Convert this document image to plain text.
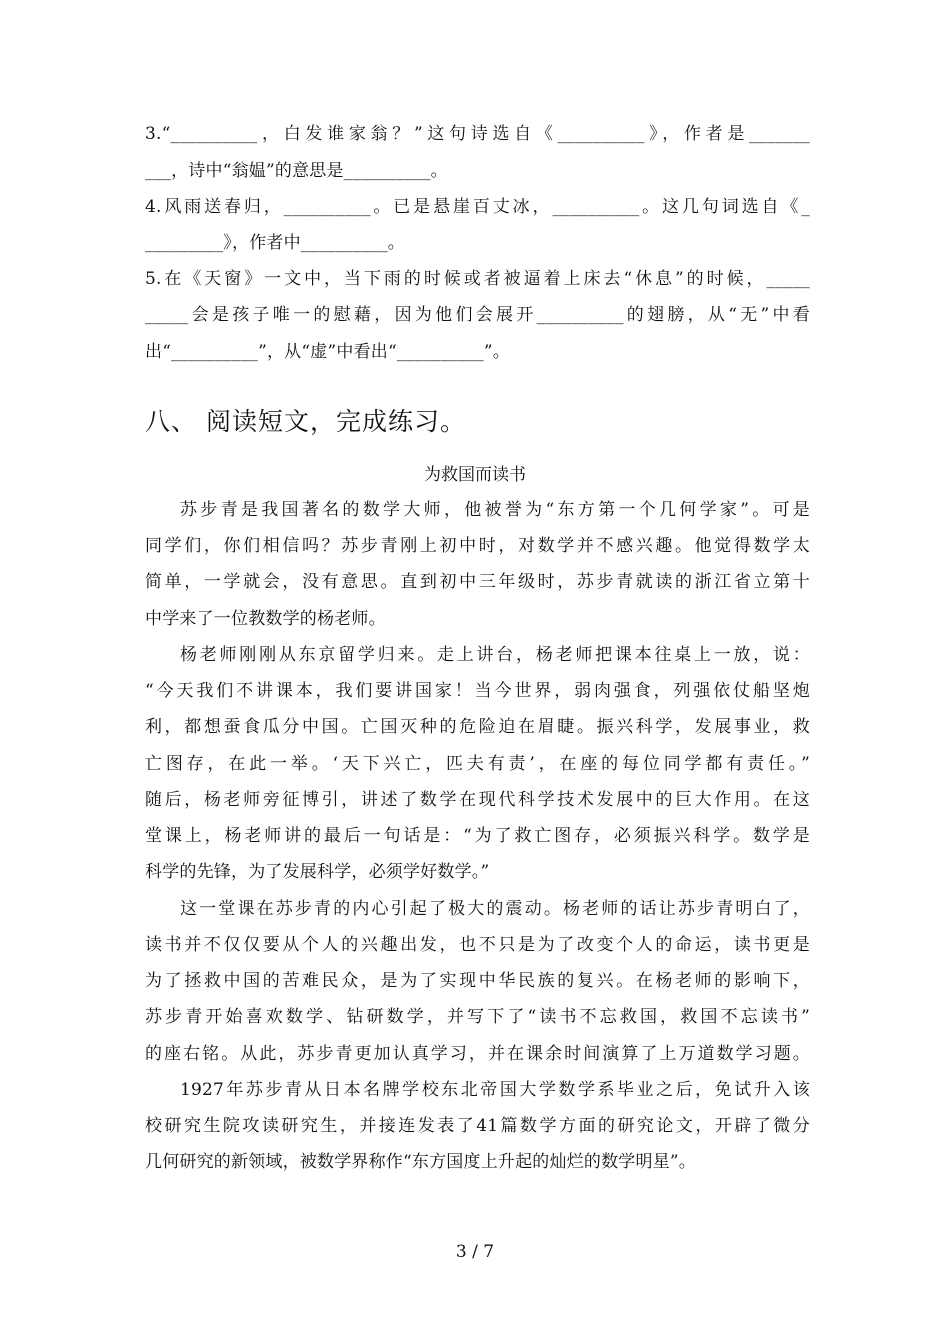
3.“__________，白发谁家翁？”这句诗选自《__________》，作者是_______
___，诗中“翁媪”的意思是__________。
4.风雨送春归，__________。已是悬崖百丈冰，__________。这几句词选自《_
_________》，作者中__________。
5.在《天窗》一文中，当下雨的时候或者被逼着上床去“休息”的时候，_____
_____会是孩子唯一的慰藉，因为他们会展开__________的翅膀，从“无”中看
出“__________”，从“虚”中看出“__________”。
八、 阅读短文，完成练习。
为救国而读书
苏步青是我国著名的数学大师，他被誉为“东方第一个几何学家”。可是
同学们，你们相信吗？苏步青刚上初中时，对数学并不感兴趣。他觉得数学太
简单，一学就会，没有意思。直到初中三年级时，苏步青就读的浙江省立第十
中学来了一位教数学的杨老师。
杨老师刚刚从东京留学归来。走上讲台，杨老师把课本往桌上一放，说：
“今天我们不讲课本，我们要讲国家！当今世界，弱肉强食，列强依仗船坚炮
利，都想蚕食瓜分中国。亡国灭种的危险迫在眉睫。振兴科学，发展事业，救
亡图存，在此一举。‘天下兴亡，匹夫有责’，在座的每位同学都有责任。”
随后，杨老师旁征博引，讲述了数学在现代科学技术发展中的巨大作用。在这
堂课上，杨老师讲的最后一句话是：“为了救亡图存，必须振兴科学。数学是
科学的先锋，为了发展科学，必须学好数学。”
这一堂课在苏步青的内心引起了极大的震动。杨老师的话让苏步青明白了，
读书并不仅仅要从个人的兴趣出发，也不只是为了改变个人的命运，读书更是
为了拯救中国的苦难民众，是为了实现中华民族的复兴。在杨老师的影响下，
苏步青开始喜欢数学、钻研数学，并写下了“读书不忘救国，救国不忘读书”
的座右铭。从此，苏步青更加认真学习，并在课余时间演算了上万道数学习题。
1927年苏步青从日本名牌学校东北帝国大学数学系毕业之后，免试升入该
校研究生院攻读研究生，并接连发表了41篇数学方面的研究论文，开辟了微分
几何研究的新领域，被数学界称作“东方国度上升起的灿烂的数学明星”。
3 / 7
